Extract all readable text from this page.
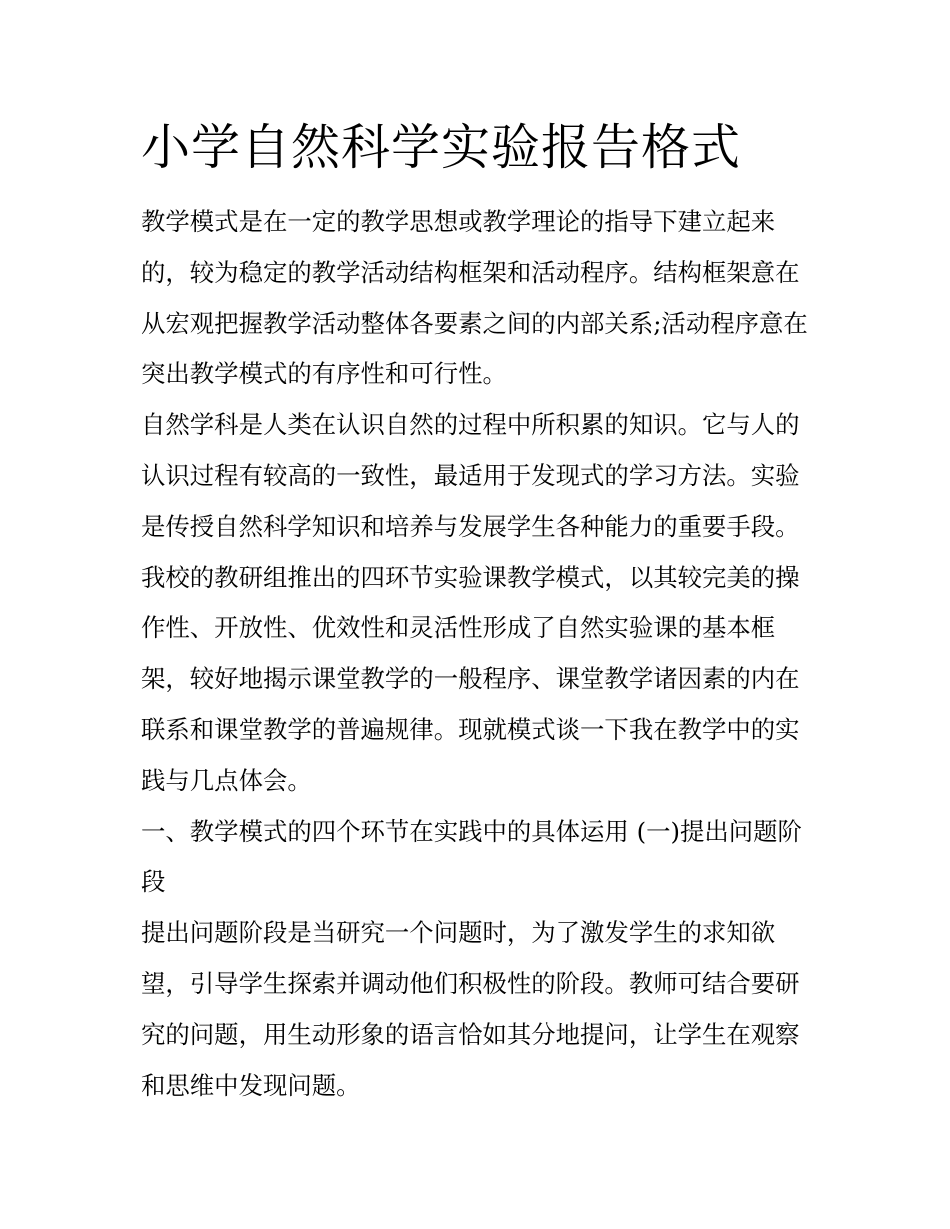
小学自然科学实验报告格式

教学模式是在一定的教学思想或教学理论的指导下建立起来的，较为稳定的教学活动结构框架和活动程序。结构框架意在从宏观把握教学活动整体各要素之间的内部关系;活动程序意在突出教学模式的有序性和可行性。

自然学科是人类在认识自然的过程中所积累的知识。它与人的认识过程有较高的一致性，最适用于发现式的学习方法。实验是传授自然科学知识和培养与发展学生各种能力的重要手段。我校的教研组推出的四环节实验课教学模式，以其较完美的操作性、开放性、优效性和灵活性形成了自然实验课的基本框架，较好地揭示课堂教学的一般程序、课堂教学诸因素的内在联系和课堂教学的普遍规律。现就模式谈一下我在教学中的实践与几点体会。

一、教学模式的四个环节在实践中的具体运用 (一)提出问题阶段

提出问题阶段是当研究一个问题时，为了激发学生的求知欲望，引导学生探索并调动他们积极性的阶段。教师可结合要研究的问题，用生动形象的语言恰如其分地提问，让学生在观察和思维中发现问题。
